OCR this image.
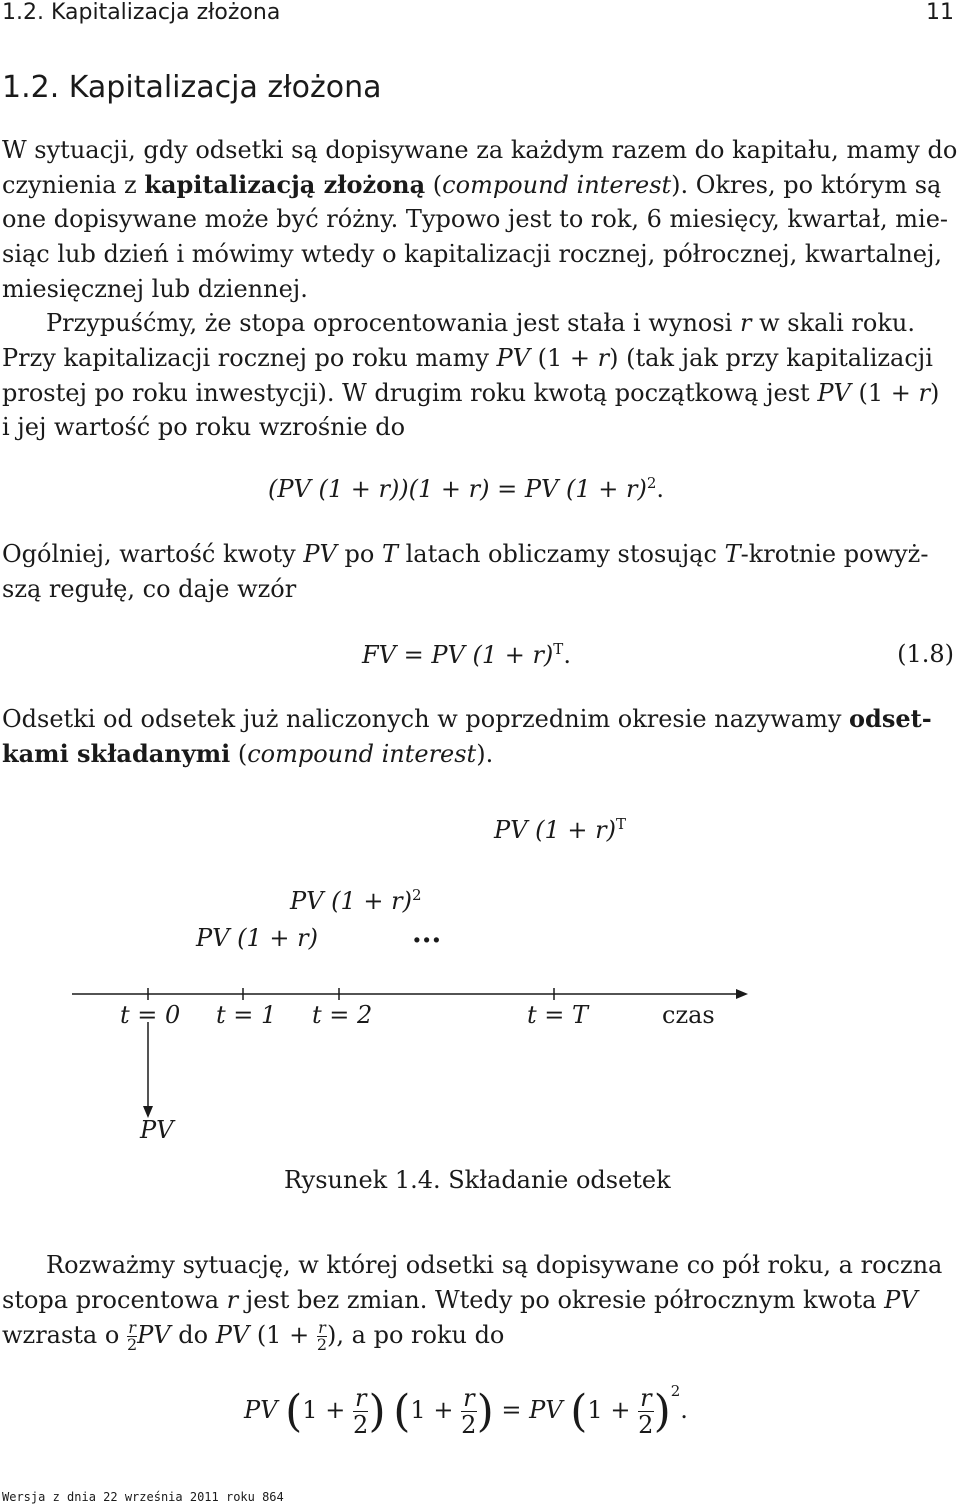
1.2. Kapitalizacja złożona	11
1.2. Kapitalizacja złożona
W sytuacji, gdy odsetki są dopisywane za każdym razem do kapitału, mamy do
czynienia z kapitalizacją złożoną (compound interest). Okres, po którym są
one dopisywane może być różny. Typowo jest to rok, 6 miesięcy, kwartał, mie-
siąc lub dzień i mówimy wtedy o kapitalizacji rocznej, półrocznej, kwartalnej,
miesięcznej lub dziennej.
Przypuśćmy, że stopa oprocentowania jest stała i wynosi r w skali roku.
Przy kapitalizacji rocznej po roku mamy PV (1 + r) (tak jak przy kapitalizacji
prostej po roku inwestycji). W drugim roku kwotą początkową jest PV (1 + r)
i jej wartość po roku wzrośnie do
(PV (1 + r))(1 + r) = PV $(1 + r)^2$.
Ogólniej, wartość kwoty PV po T latach obliczamy stosując T-krotnie powyż-
szą regułę, co daje wzór
FV = PV $(1 + r)^T$.	(1.8)
Odsetki od odsetek już naliczonych w poprzednim okresie nazywamy odset-
kami składanymi (compound interest).
PV $(1 + r)^T$
PV $(1 + r)^2$
PV (1 + r)	...
t = 0 t = 1 t = 2	t = T	czas
PV
Rysunek 1.4. Składanie odsetek
Rozważmy sytuację, w której odsetki są dopisywane co pół roku, a roczna
stopa procentowa r jest bez zmian. Wtedy po okresie półrocznym kwota PV
wzrasta o $\frac{r}{2}$ PV do PV ($1 + \frac{r}{2}$ ), a po roku do
PV ($1 + \frac{r}{2}$ ) ($1 + \frac{r}{2}$ ) = PV $(1 + \frac{r}{2} )^2$.
Wersja z dnia 22 września 2011 roku 864
